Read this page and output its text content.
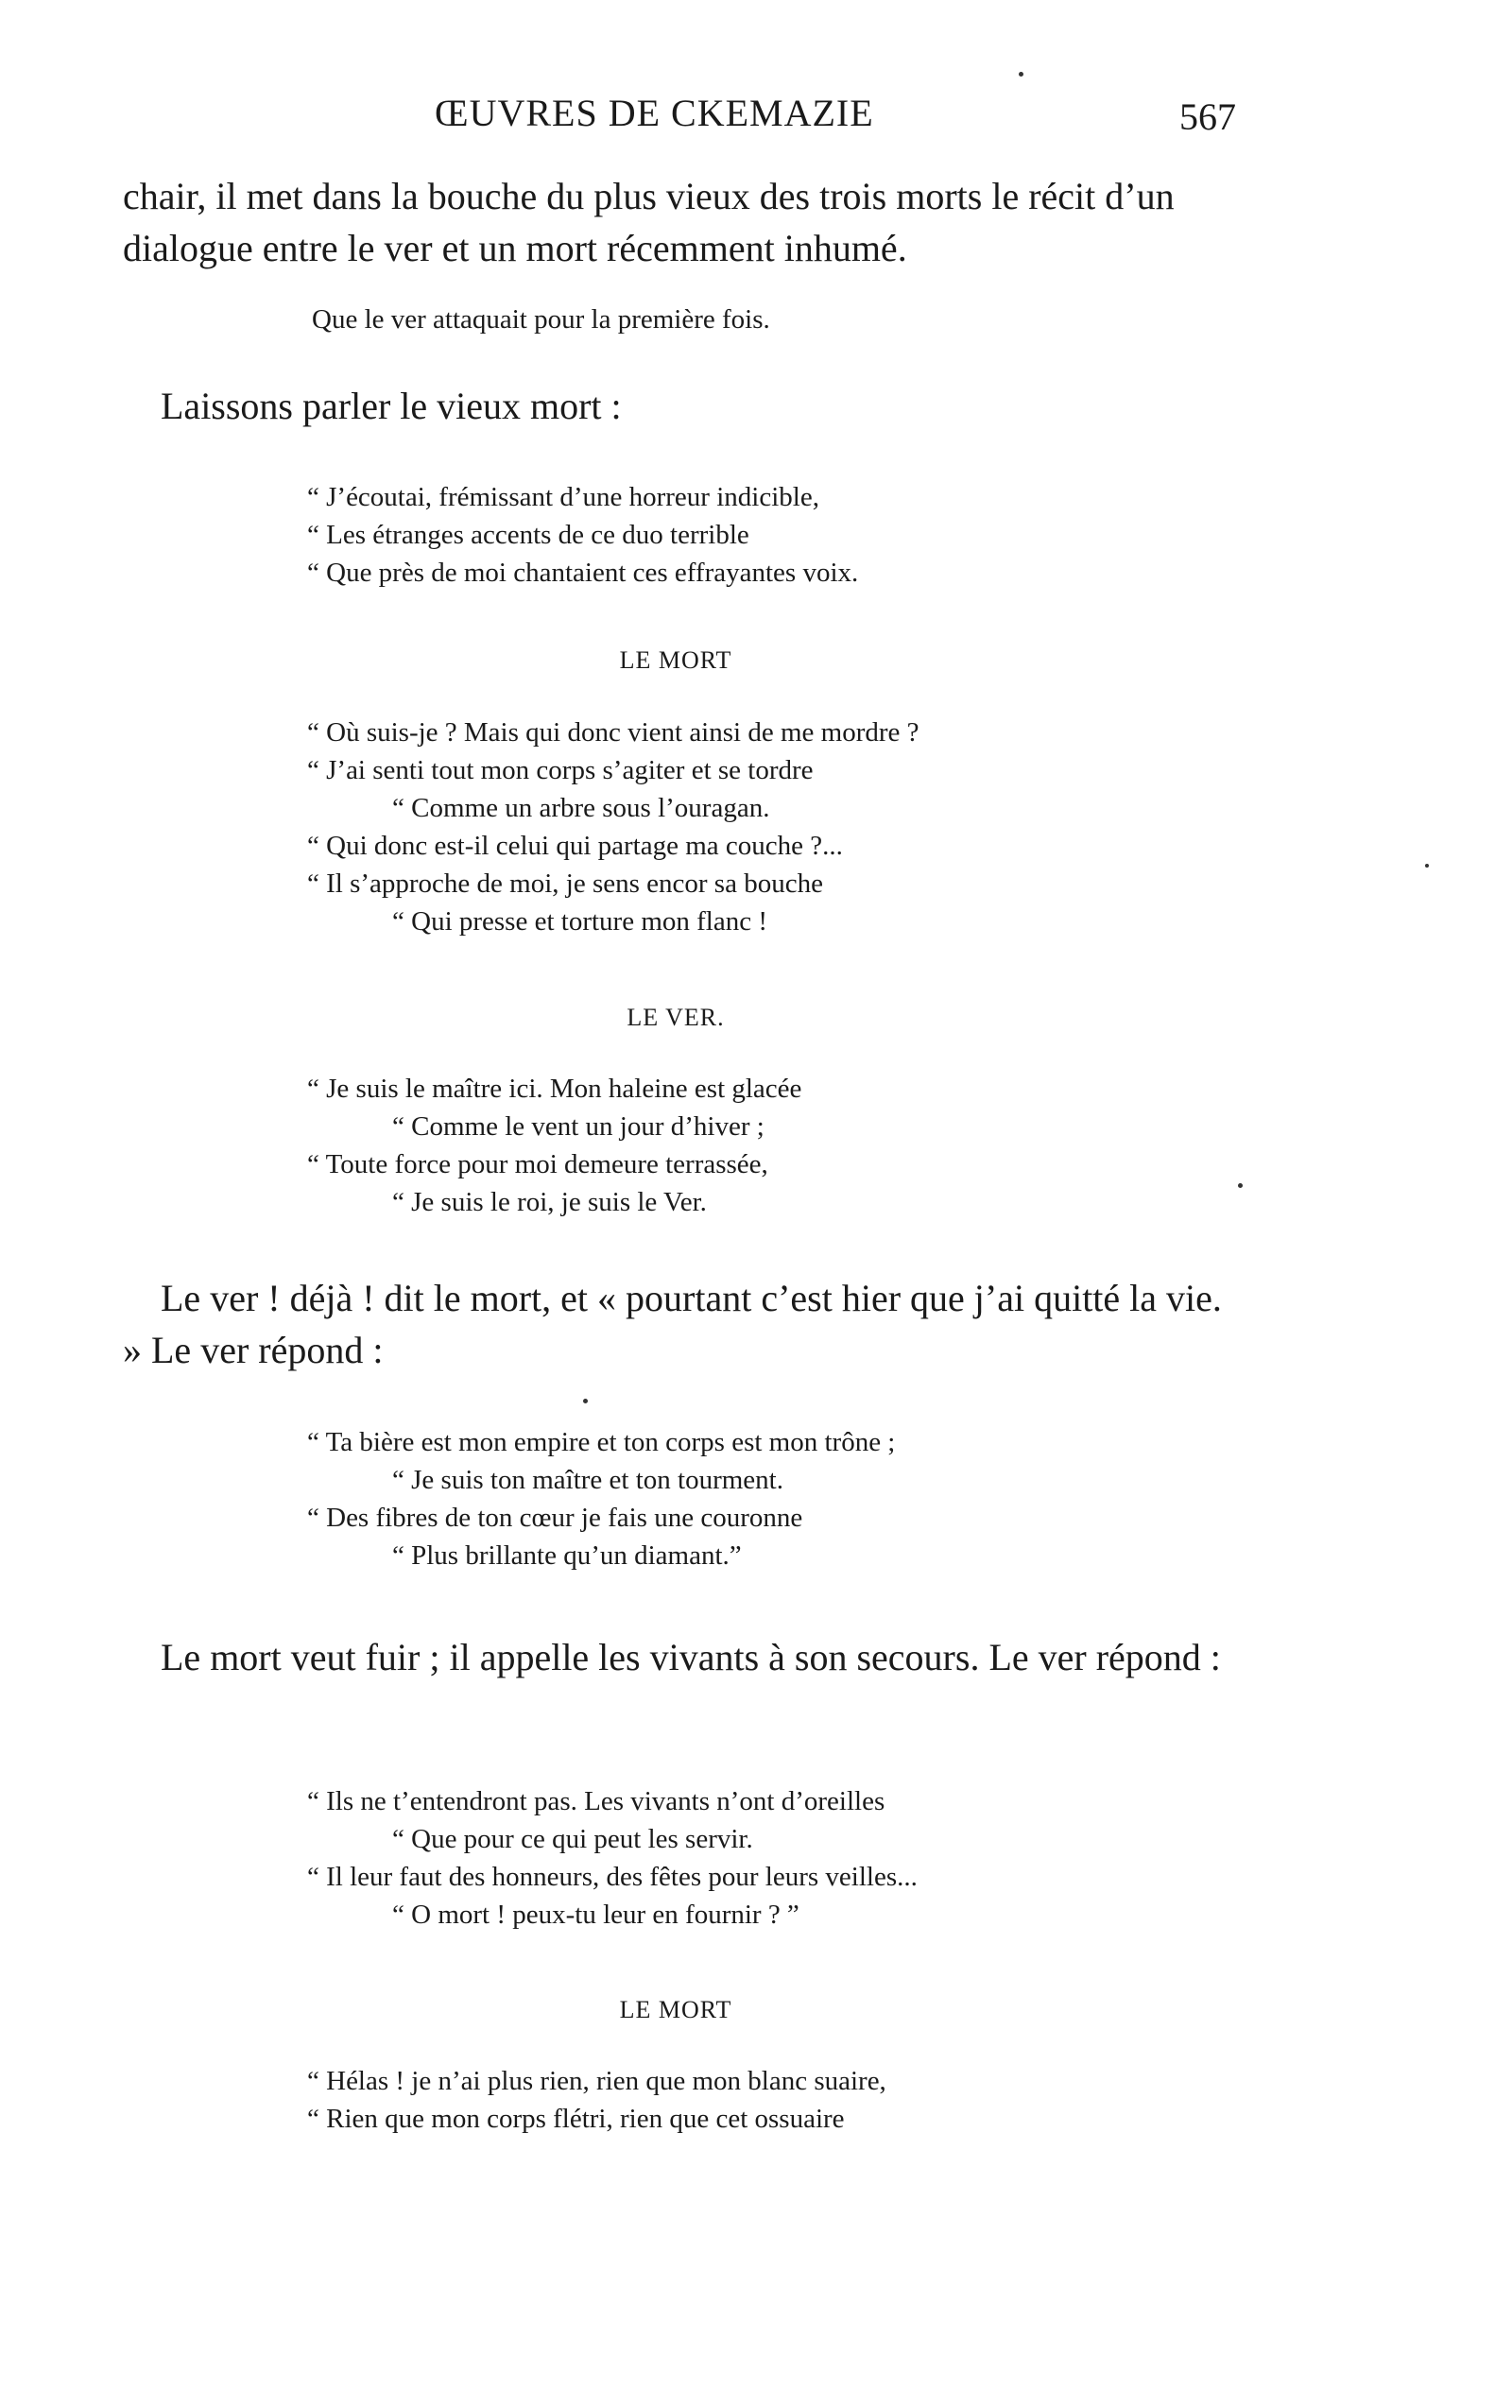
ŒUVRES DE CKEMAZIE	567

chair, il met dans la bouche du plus vieux des trois morts le récit d’un dialogue entre le ver et un mort récemment inhumé.

Que le ver attaquait pour la première fois.

Laissons parler le vieux mort :

“ J’écoutai, frémissant d’une horreur indicible,
“ Les étranges accents de ce duo terrible
“ Que près de moi chantaient ces effrayantes voix.
LE MORT
“ Où suis-je ? Mais qui donc vient ainsi de me mordre ?
“ J’ai senti tout mon corps s’agiter et se tordre
“ Comme un arbre sous l’ouragan.
“ Qui donc est-il celui qui partage ma couche ?...
“ Il s’approche de moi, je sens encor sa bouche
“ Qui presse et torture mon flanc !
LE VER.
“ Je suis le maître ici. Mon haleine est glacée
“ Comme le vent un jour d’hiver ;
“ Toute force pour moi demeure terrassée,
“ Je suis le roi, je suis le Ver.

Le ver ! déjà ! dit le mort, et « pourtant c’est hier que j’ai quitté la vie. » Le ver répond :

“ Ta bière est mon empire et ton corps est mon trône ;
“ Je suis ton maître et ton tourment.
“ Des fibres de ton cœur je fais une couronne
“ Plus brillante qu’un diamant.”

Le mort veut fuir ; il appelle les vivants à son secours. Le ver répond :

“ Ils ne t’entendront pas. Les vivants n’ont d’oreilles
“ Que pour ce qui peut les servir.
“ Il leur faut des honneurs, des fêtes pour leurs veilles...
“ O mort ! peux-tu leur en fournir ? ”
LE MORT
“ Hélas ! je n’ai plus rien, rien que mon blanc suaire,
“ Rien que mon corps flétri, rien que cet ossuaire
